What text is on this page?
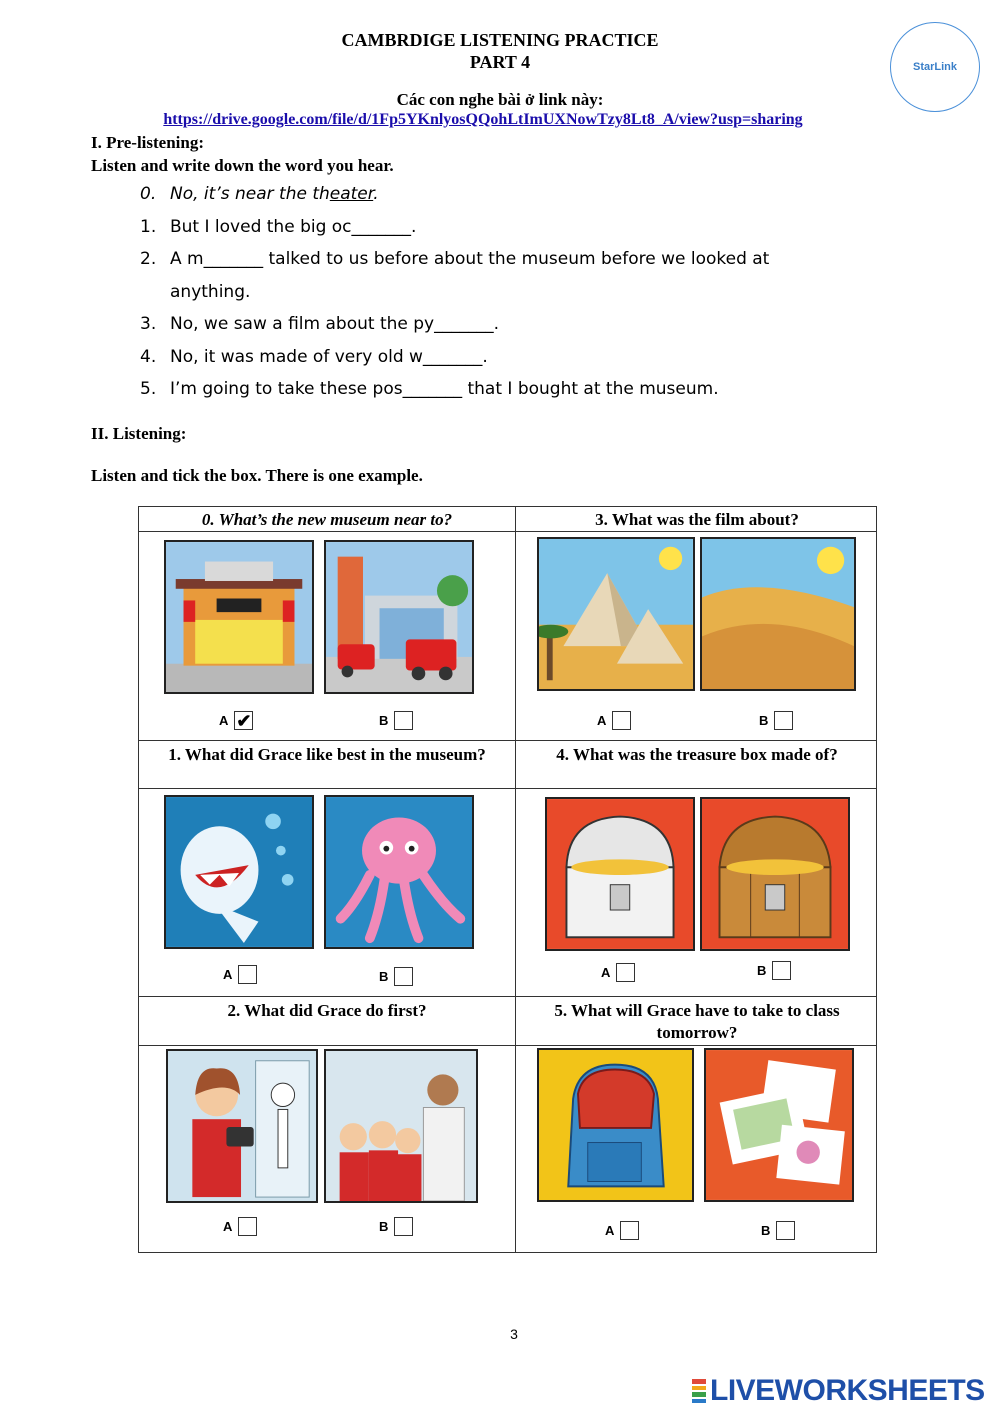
CAMBRDIGE LISTENING PRACTICE
PART 4
Các con nghe bài ở link này:
https://drive.google.com/file/d/1Fp5YKnlyosQQohLtImUXNowTzy8Lt8_A/view?usp=sharing
StarLink
I. Pre-listening:
Listen and write down the word you hear.
0. No, it’s near the theater.
1. But I loved the big oc_______.
2. A m_______ talked to us before about the museum before we looked at
anything.
3. No, we saw a film about the py_______.
4. No, it was made of very old w_______.
5. I’m going to take these pos_______ that I bought at the museum.
II. Listening:
Listen and tick the box. There is one example.
0. What’s the new museum near to?
A ✔	B
3. What was the film about?
A	B
1. What did Grace like best in the museum?
A	B
4. What was the treasure box made of?
A	B
2. What did Grace do first?
A	B
5. What will Grace have to take to class tomorrow?
A	B
3
LIVEWORKSHEETS
